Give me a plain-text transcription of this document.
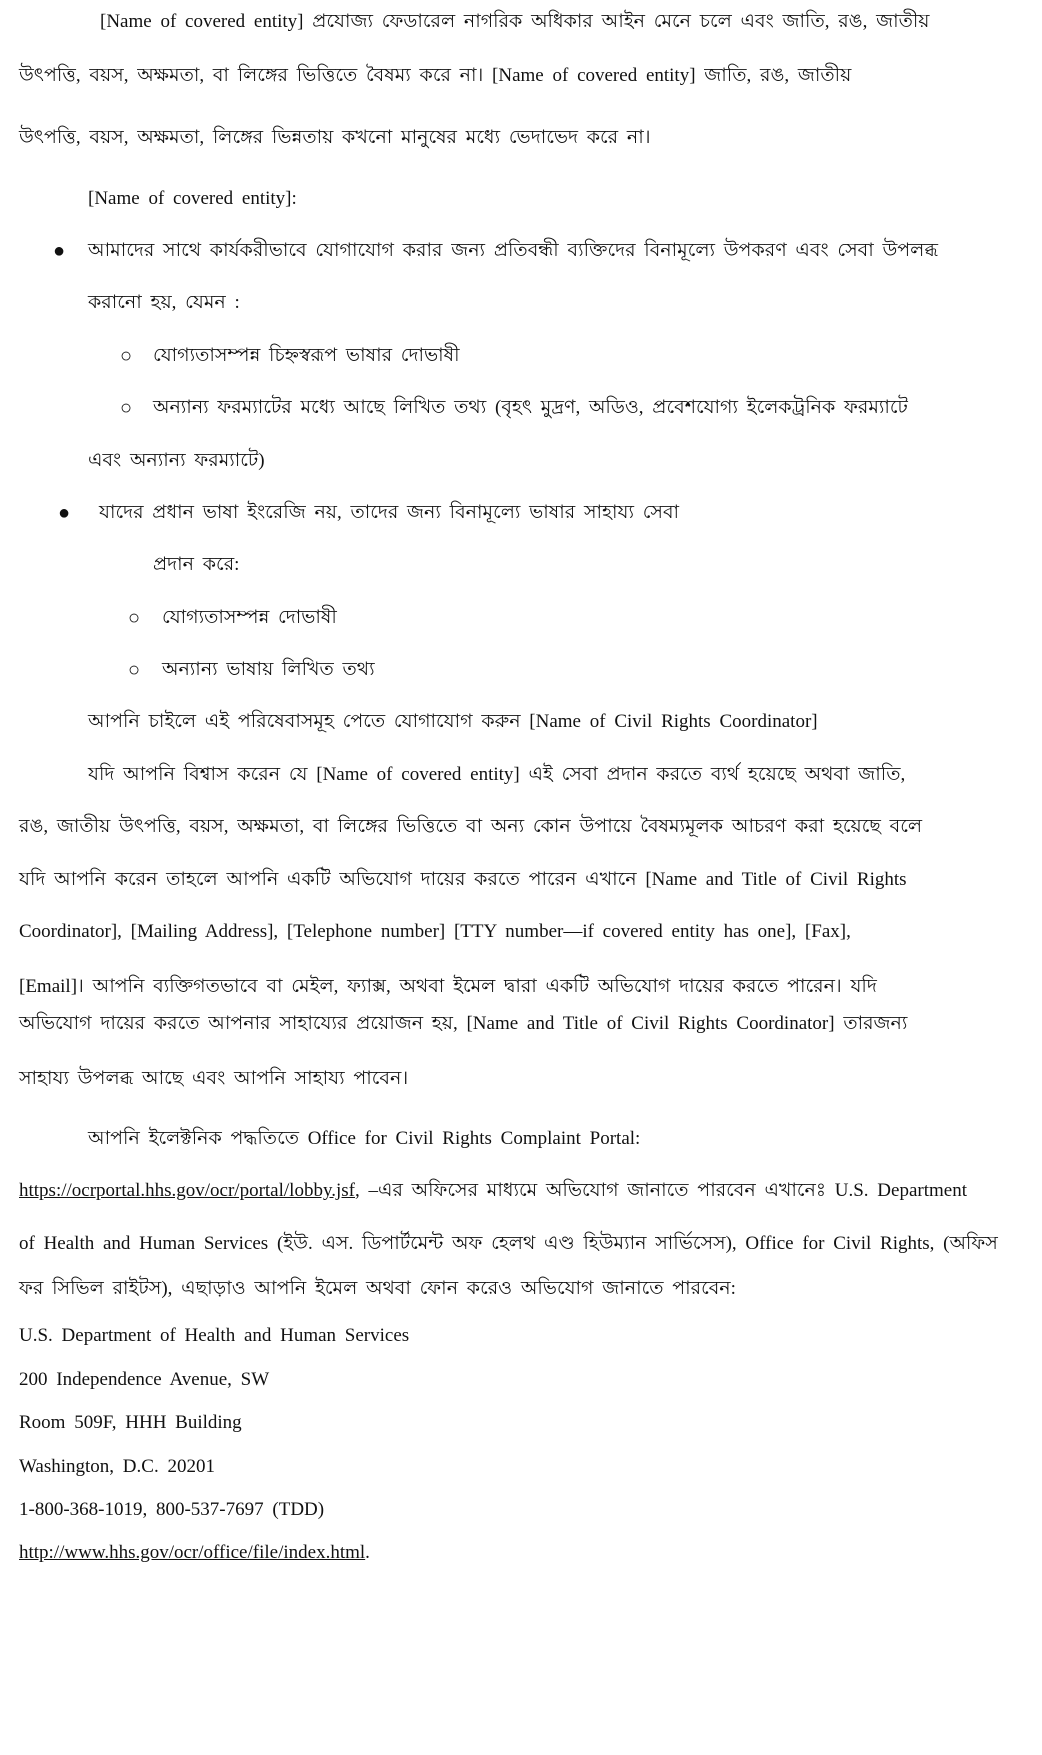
[Name of covered entity] প্রযোজ্য ফেডারেল নাগরিক অধিকার আইন মেনে চলে এবং জাতি, রঙ, জাতীয়
উৎপত্তি, বয়স, অক্ষমতা, বা লিঙ্গের ভিত্তিতে বৈষম্য করে না। [Name of covered entity] জাতি, রঙ, জাতীয়
উৎপত্তি, বয়স, অক্ষমতা, লিঙ্গের ভিন্নতায় কখনো মানুষের মধ্যে ভেদাভেদ করে না।
[Name of covered entity]:
● আমাদের সাথে কার্যকরীভাবে যোগাযোগ করার জন্য প্রতিবন্ধী ব্যক্তিদের বিনামূল্যে উপকরণ এবং সেবা উপলব্ধ
করানো হয়, যেমন :
○ যোগ্যতাসম্পন্ন চিহ্নস্বরূপ ভাষার দোভাষী
○ অন্যান্য ফরম্যাটের মধ্যে আছে লিখিত তথ্য (বৃহৎ মুদ্রণ, অডিও, প্রবেশযোগ্য ইলেকট্রনিক ফরম্যাটে
এবং অন্যান্য ফরম্যাটে)
● যাদের প্রধান ভাষা ইংরেজি নয়, তাদের জন্য বিনামূল্যে ভাষার সাহায্য সেবা
প্রদান করে:
○ যোগ্যতাসম্পন্ন দোভাষী
○ অন্যান্য ভাষায় লিখিত তথ্য
আপনি চাইলে এই পরিষেবাসমূহ পেতে যোগাযোগ করুন [Name of Civil Rights Coordinator]
যদি আপনি বিশ্বাস করেন যে [Name of covered entity] এই সেবা প্রদান করতে ব্যর্থ হয়েছে অথবা জাতি,
রঙ, জাতীয় উৎপত্তি, বয়স, অক্ষমতা, বা লিঙ্গের ভিত্তিতে বা অন্য কোন উপায়ে বৈষম্যমূলক আচরণ করা হয়েছে বলে
যদি আপনি করেন তাহলে আপনি একটি অভিযোগ দায়ের করতে পারেন এখানে [Name and Title of Civil Rights
Coordinator], [Mailing Address], [Telephone number] [TTY number—if covered entity has one], [Fax],
[Email]। আপনি ব্যক্তিগতভাবে বা মেইল, ফ্যাক্স, অথবা ইমেল দ্বারা একটি অভিযোগ দায়ের করতে পারেন। যদি
অভিযোগ দায়ের করতে আপনার সাহায্যের প্রয়োজন হয়, [Name and Title of Civil Rights Coordinator] তারজন্য
সাহায্য উপলব্ধ আছে এবং আপনি সাহায্য পাবেন।
আপনি ইলেক্টনিক পদ্ধতিতে Office for Civil Rights Complaint Portal:
https://ocrportal.hhs.gov/ocr/portal/lobby.jsf, –এর অফিসের মাধ্যমে অভিযোগ জানাতে পারবেন এখানেঃ U.S. Department
of Health and Human Services (ইউ. এস. ডিপার্টমেন্ট অফ হেলথ এণ্ড হিউম্যান সার্ভিসেস), Office for Civil Rights, (অফিস
ফর সিভিল রাইটস), এছাড়াও আপনি ইমেল অথবা ফোন করেও অভিযোগ জানাতে পারবেন:
U.S. Department of Health and Human Services
200 Independence Avenue, SW
Room 509F, HHH Building
Washington, D.C. 20201
1-800-368-1019, 800-537-7697 (TDD)
http://www.hhs.gov/ocr/office/file/index.html.
